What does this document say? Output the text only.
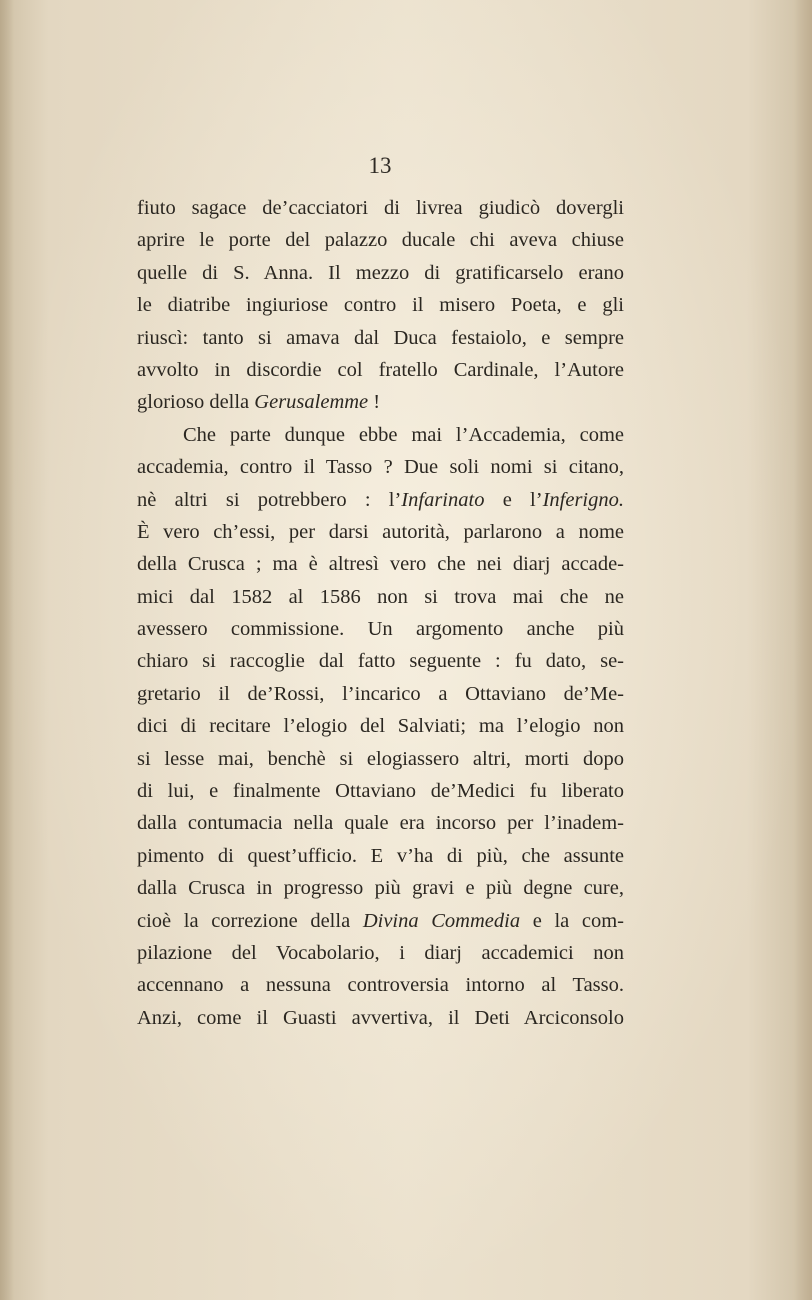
13
fiuto sagace de’cacciatori di livrea giudicò dovergli
aprire le porte del palazzo ducale chi aveva chiuse
quelle di S. Anna. Il mezzo di gratificarselo erano
le diatribe ingiuriose contro il misero Poeta, e gli
riuscì: tanto si amava dal Duca festaiolo, e sempre
avvolto in discordie col fratello Cardinale, l’Autore
glorioso della Gerusalemme !
Che parte dunque ebbe mai l’Accademia, come
accademia, contro il Tasso ? Due soli nomi si citano,
nè altri si potrebbero : l’Infarinato e l’Inferigno.
È vero ch’essi, per darsi autorità, parlarono a nome
della Crusca ; ma è altresì vero che nei diarj accade-
mici dal 1582 al 1586 non si trova mai che ne
avessero commissione. Un argomento anche più
chiaro si raccoglie dal fatto seguente : fu dato, se-
gretario il de’Rossi, l’incarico a Ottaviano de’Me-
dici di recitare l’elogio del Salviati; ma l’elogio non
si lesse mai, benchè si elogiassero altri, morti dopo
di lui, e finalmente Ottaviano de’Medici fu liberato
dalla contumacia nella quale era incorso per l’inadem-
pimento di quest’ufficio. E v’ha di più, che assunte
dalla Crusca in progresso più gravi e più degne cure,
cioè la correzione della Divina Commedia e la com-
pilazione del Vocabolario, i diarj accademici non
accennano a nessuna controversia intorno al Tasso.
Anzi, come il Guasti avvertiva, il Deti Arciconsolo
